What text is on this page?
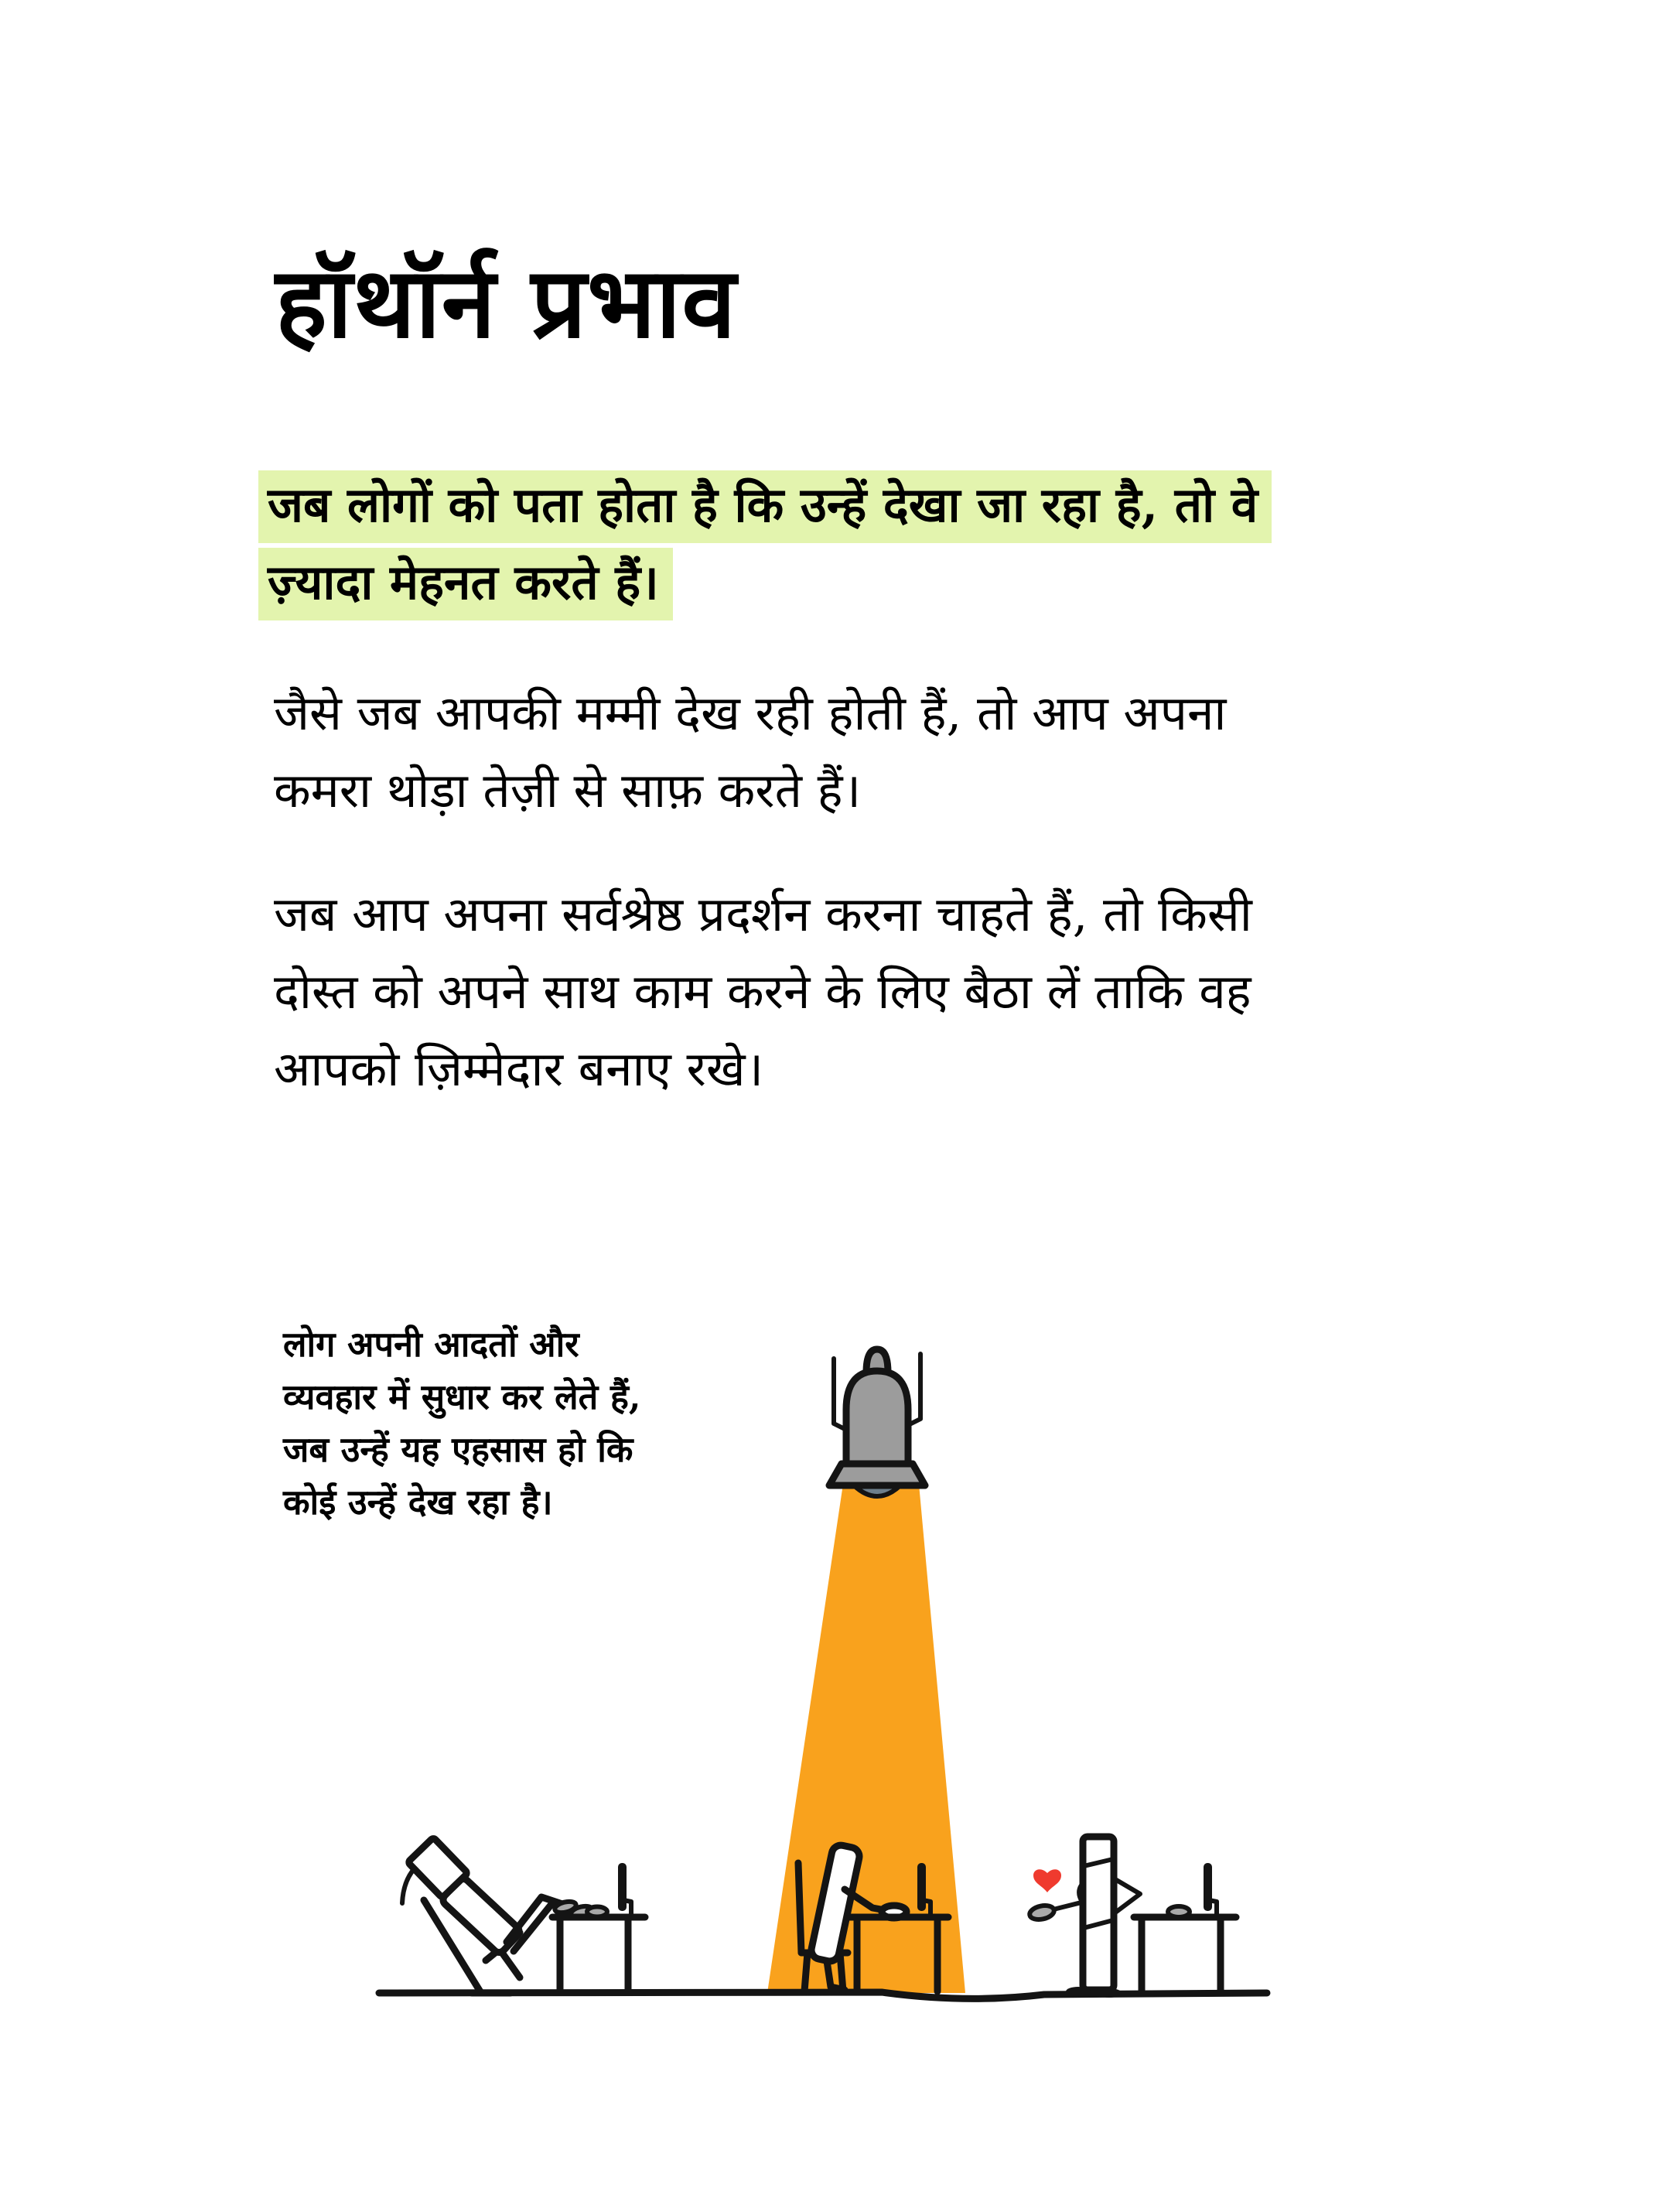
हॉथॉर्न प्रभाव
जब लोगों को पता होता है कि उन्हें देखा जा रहा है, तो वे
ज़्यादा मेहनत करते हैं।
जैसे जब आपकी मम्मी देख रही होती हैं, तो आप अपना
कमरा थोड़ा तेज़ी से साफ़ करते हैं।
जब आप अपना सर्वश्रेष्ठ प्रदर्शन करना चाहते हैं, तो किसी
दोस्त को अपने साथ काम करने के लिए बैठा लें ताकि वह
आपको ज़िम्मेदार बनाए रखे।
लोग अपनी आदतों और
व्यवहार में सुधार कर लेते हैं,
जब उन्हें यह एहसास हो कि
कोई उन्हें देख रहा है।
